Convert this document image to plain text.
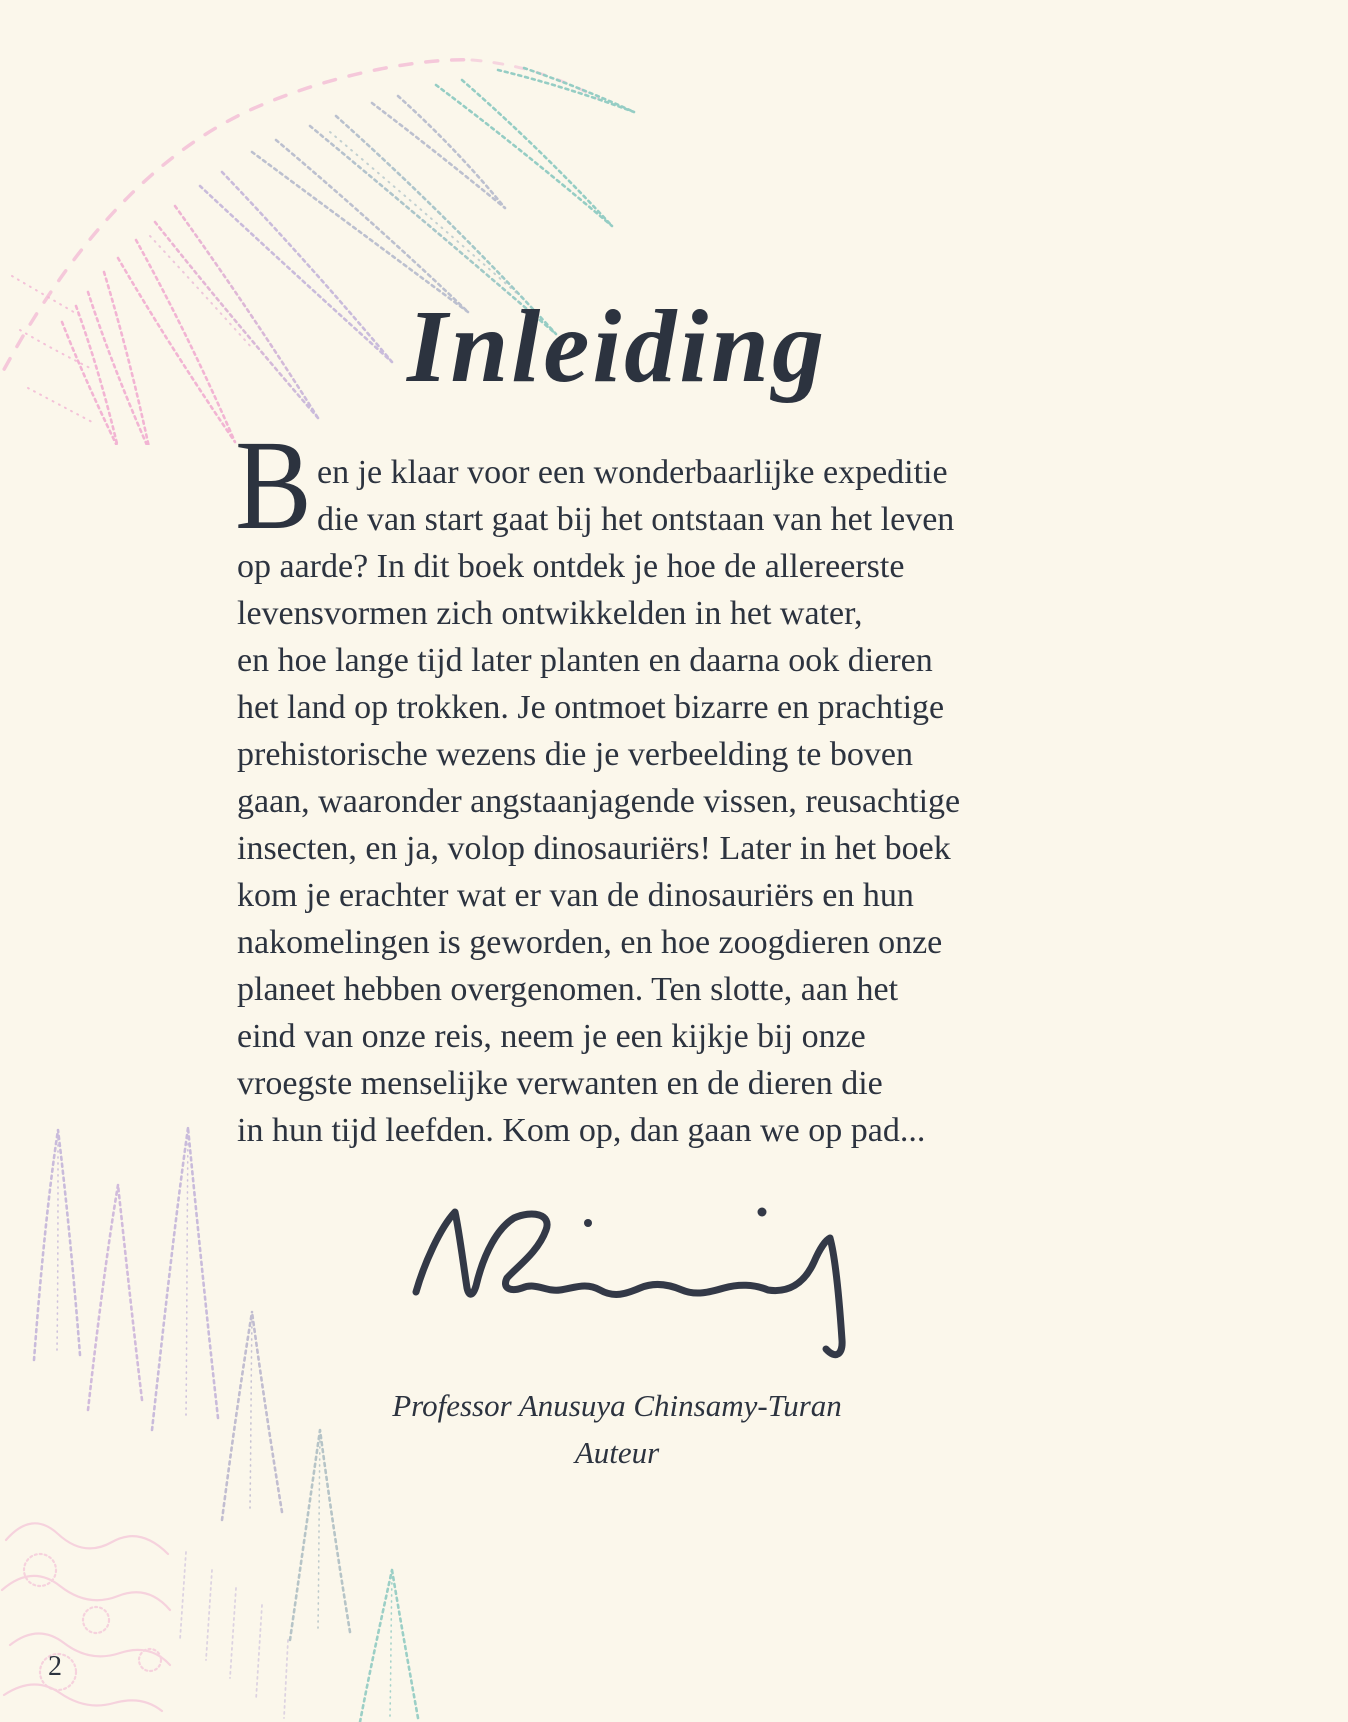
Inleiding
B en je klaar voor een wonderbaarlijke expeditie
die van start gaat bij het ontstaan van het leven
op aarde? In dit boek ontdek je hoe de allereerste
levensvormen zich ontwikkelden in het water,
en hoe lange tijd later planten en daarna ook dieren
het land op trokken. Je ontmoet bizarre en prachtige
prehistorische wezens die je verbeelding te boven
gaan, waaronder angstaanjagende vissen, reusachtige
insecten, en ja, volop dinosauriërs! Later in het boek
kom je erachter wat er van de dinosauriërs en hun
nakomelingen is geworden, en hoe zoogdieren onze
planeet hebben overgenomen. Ten slotte, aan het
eind van onze reis, neem je een kijkje bij onze
vroegste menselijke verwanten en de dieren die
in hun tijd leefden. Kom op, dan gaan we op pad...
Professor Anusuya Chinsamy-Turan
Auteur
2
